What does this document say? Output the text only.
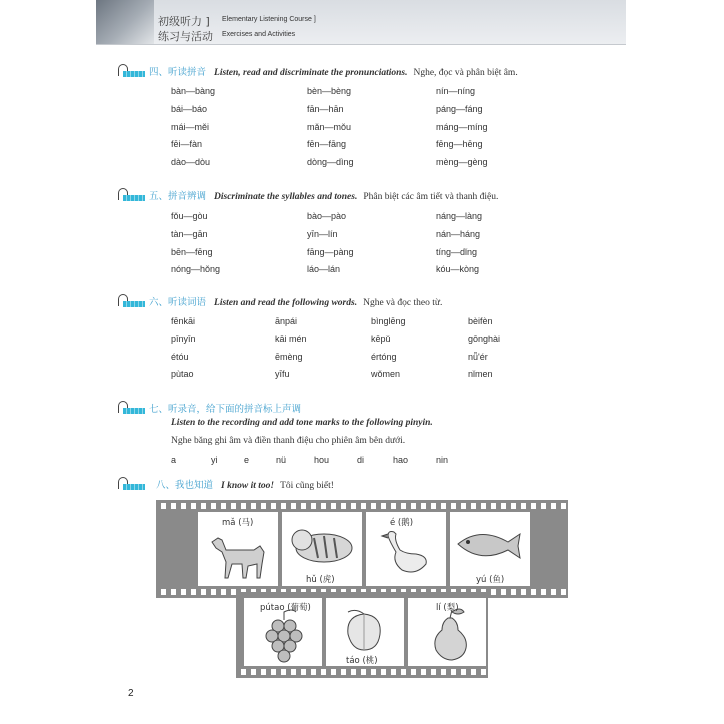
初级听力 ] Elementary Listening Course ]
练习与活动 Exercises and Activities
四、听读拼音 Listen, read and discriminate the pronunciations. Nghe, đọc và phân biệt âm.
bàn—bàng	bèn—bèng	nín—níng
bái—báo	fān—hān	páng—fáng
mái—měi	mǎn—mǒu	máng—míng
fēi—fàn	fēn—fāng	fēng—hēng
dào—dòu	dòng—dìng	mèng—gèng
五、拼音辨调 Discriminate the syllables and tones. Phân biệt các âm tiết và thanh điệu.
fǒu—gòu	bào—pào	náng—làng
tàn—gān	yīn—lín	nán—háng
bēn—fēng	fāng—pàng	tíng—dǐng
nóng—hǒng	láo—lán	kóu—kòng
六、听读词语 Listen and read the following words. Nghe và đọc theo từ.
fēnkāi	ānpái	bìnglēng	bèifèn
pīnyīn	kāi mén	kēpǔ	gōnghài
étóu	ēmèng	értóng	nǚ'ér
pùtao	yīfu	wǒmen	nǐmen
七、听录音，给下面的拼音标上声调
Listen to the recording and add tone marks to the following pinyin.
Nghe băng ghi âm và điền thanh điệu cho phiên âm bên dưới.
a	yi	e	nü	hou	di	hao	nin
八、我也知道 I know it too! Tôi cũng biết!
mǎ (马)
hǔ (虎)
é (鹅)
yú (鱼)
pútao (葡萄)
táo (桃)
lí (梨)
2
